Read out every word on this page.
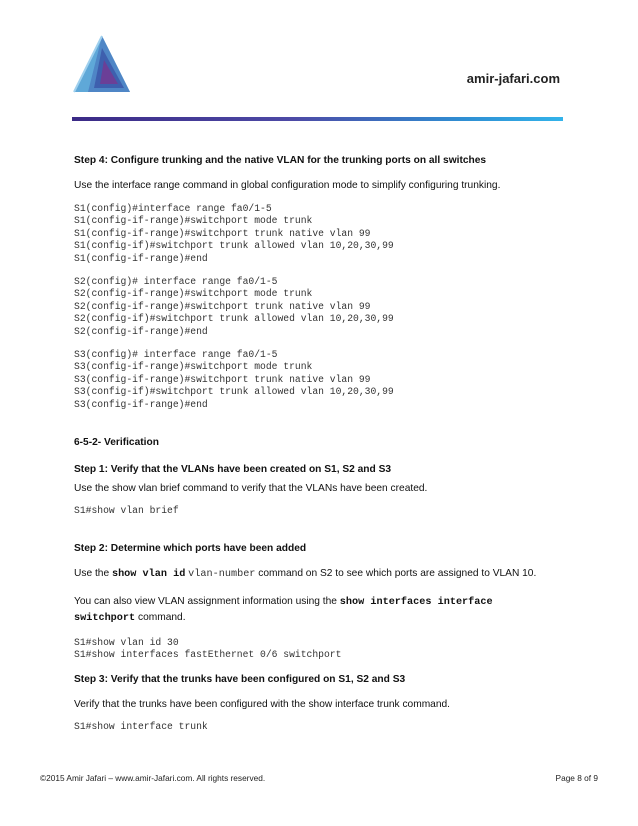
amir-jafari.com

Step 4: Configure trunking and the native VLAN for the trunking ports on all switches

Use the interface range command in global configuration mode to simplify configuring trunking.

S1(config)#interface range fa0/1-5
S1(config-if-range)#switchport mode trunk
S1(config-if-range)#switchport trunk native vlan 99
S1(config-if)#switchport trunk allowed vlan 10,20,30,99
S1(config-if-range)#end
S2(config)# interface range fa0/1-5
S2(config-if-range)#switchport mode trunk
S2(config-if-range)#switchport trunk native vlan 99
S2(config-if)#switchport trunk allowed vlan 10,20,30,99
S2(config-if-range)#end
S3(config)# interface range fa0/1-5
S3(config-if-range)#switchport mode trunk
S3(config-if-range)#switchport trunk native vlan 99
S3(config-if)#switchport trunk allowed vlan 10,20,30,99
S3(config-if-range)#end

6-5-2- Verification

Step 1: Verify that the VLANs have been created on S1, S2 and S3

Use the show vlan brief command to verify that the VLANs have been created.

S1#show vlan brief

Step 2: Determine which ports have been added

Use the show vlan id vlan-number command on S2 to see which ports are assigned to VLAN 10.

You can also view VLAN assignment information using the show interfaces interface
switchport command.

S1#show vlan id 30
S1#show interfaces fastEthernet 0/6 switchport

Step 3: Verify that the trunks have been configured on S1, S2 and S3

Verify that the trunks have been configured with the show interface trunk command.

S1#show interface trunk
©2015 Amir Jafari – www.amir-Jafari.com. All rights reserved.	Page 8 of 9
